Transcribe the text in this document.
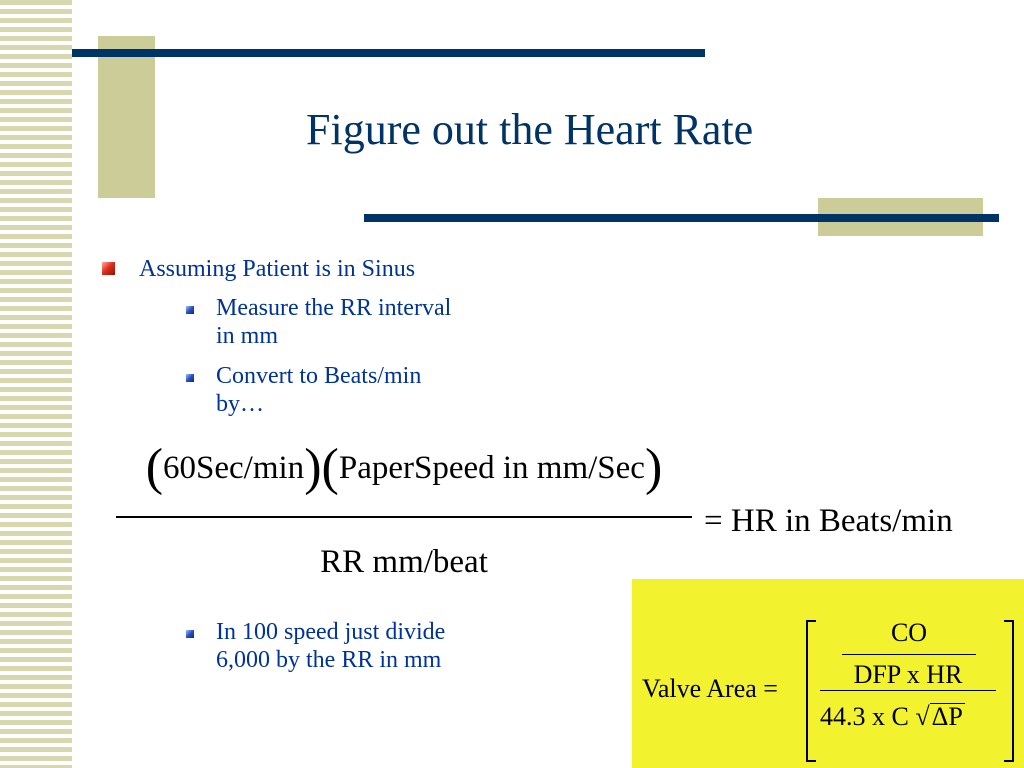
Figure out the Heart Rate

Assuming Patient is in Sinus

Measure the RR interval

in mm

Convert to Beats/min

by…

(60Sec/min)(PaperSpeed in mm/Sec)
RR mm/beat
= HR in Beats/min

In 100 speed just divide

6,000 by the RR in mm

Valve Area =
CO
DFP x HR
44.3 x C √ΔP
